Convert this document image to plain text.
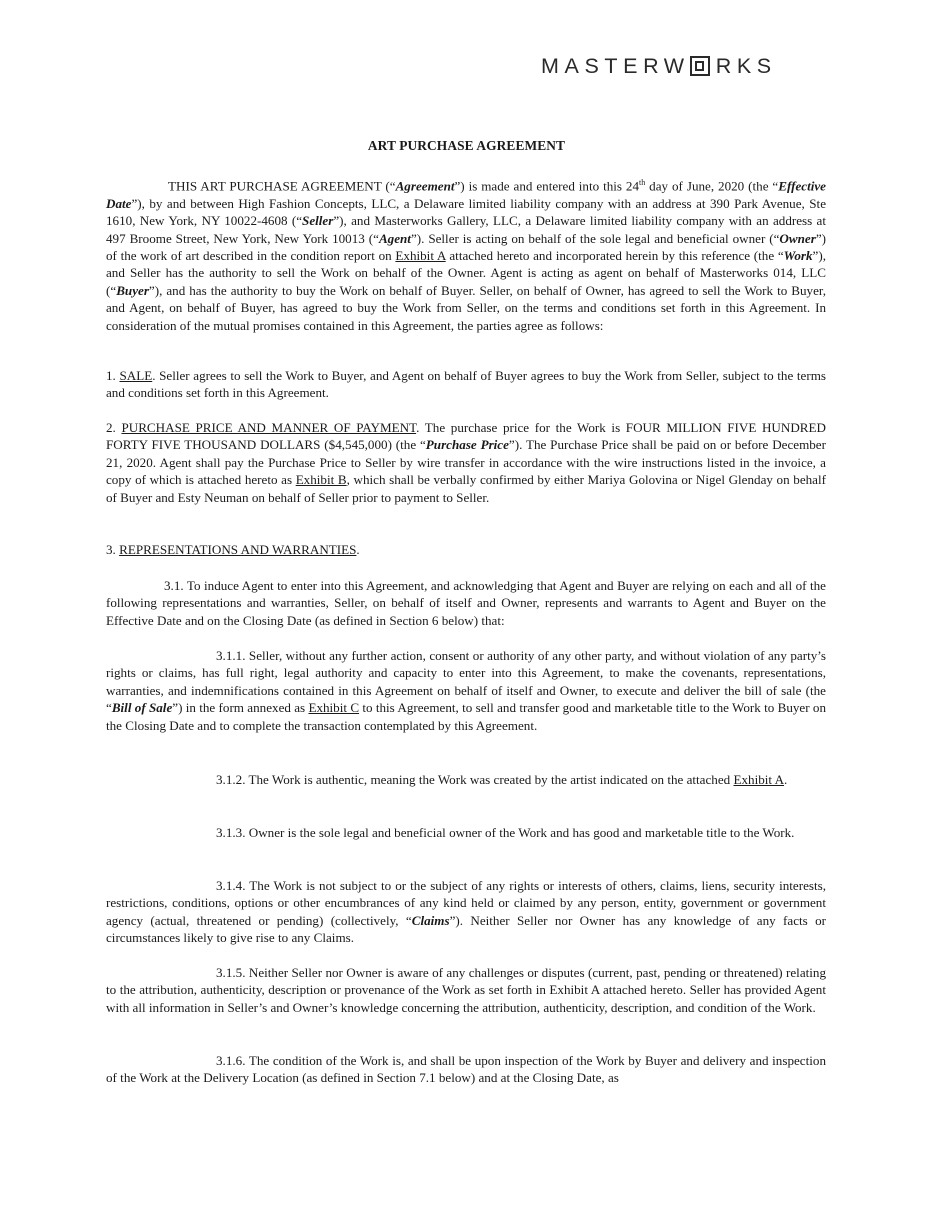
MASTERW RKS
ART PURCHASE AGREEMENT

THIS ART PURCHASE AGREEMENT (“Agreement”) is made and entered into this 24th day of June, 2020 (the “Effective Date”), by and between High Fashion Concepts, LLC, a Delaware limited liability company with an address at 390 Park Avenue, Ste 1610, New York, NY 10022-4608 (“Seller”), and Masterworks Gallery, LLC, a Delaware limited liability company with an address at 497 Broome Street, New York, New York 10013 (“Agent”). Seller is acting on behalf of the sole legal and beneficial owner (“Owner”) of the work of art described in the condition report on Exhibit A attached hereto and incorporated herein by this reference (the “Work”), and Seller has the authority to sell the Work on behalf of the Owner. Agent is acting as agent on behalf of Masterworks 014, LLC (“Buyer”), and has the authority to buy the Work on behalf of Buyer. Seller, on behalf of Owner, has agreed to sell the Work to Buyer, and Agent, on behalf of Buyer, has agreed to buy the Work from Seller, on the terms and conditions set forth in this Agreement. In consideration of the mutual promises contained in this Agreement, the parties agree as follows:

1. SALE. Seller agrees to sell the Work to Buyer, and Agent on behalf of Buyer agrees to buy the Work from Seller, subject to the terms and conditions set forth in this Agreement.

2. PURCHASE PRICE AND MANNER OF PAYMENT. The purchase price for the Work is FOUR MILLION FIVE HUNDRED FORTY FIVE THOUSAND DOLLARS ($4,545,000) (the “Purchase Price”). The Purchase Price shall be paid on or before December 21, 2020. Agent shall pay the Purchase Price to Seller by wire transfer in accordance with the wire instructions listed in the invoice, a copy of which is attached hereto as Exhibit B, which shall be verbally confirmed by either Mariya Golovina or Nigel Glenday on behalf of Buyer and Esty Neuman on behalf of Seller prior to payment to Seller.

3. REPRESENTATIONS AND WARRANTIES.

3.1. To induce Agent to enter into this Agreement, and acknowledging that Agent and Buyer are relying on each and all of the following representations and warranties, Seller, on behalf of itself and Owner, represents and warrants to Agent and Buyer on the Effective Date and on the Closing Date (as defined in Section 6 below) that:

3.1.1. Seller, without any further action, consent or authority of any other party, and without violation of any party’s rights or claims, has full right, legal authority and capacity to enter into this Agreement, to make the covenants, representations, warranties, and indemnifications contained in this Agreement on behalf of itself and Owner, to execute and deliver the bill of sale (the “Bill of Sale”) in the form annexed as Exhibit C to this Agreement, to sell and transfer good and marketable title to the Work to Buyer on the Closing Date and to complete the transaction contemplated by this Agreement.

3.1.2. The Work is authentic, meaning the Work was created by the artist indicated on the attached Exhibit A.

3.1.3. Owner is the sole legal and beneficial owner of the Work and has good and marketable title to the Work.

3.1.4. The Work is not subject to or the subject of any rights or interests of others, claims, liens, security interests, restrictions, conditions, options or other encumbrances of any kind held or claimed by any person, entity, government or government agency (actual, threatened or pending) (collectively, “Claims”). Neither Seller nor Owner has any knowledge of any facts or circumstances likely to give rise to any Claims.

3.1.5. Neither Seller nor Owner is aware of any challenges or disputes (current, past, pending or threatened) relating to the attribution, authenticity, description or provenance of the Work as set forth in Exhibit A attached hereto. Seller has provided Agent with all information in Seller’s and Owner’s knowledge concerning the attribution, authenticity, description, and condition of the Work.

3.1.6. The condition of the Work is, and shall be upon inspection of the Work by Buyer and delivery and inspection of the Work at the Delivery Location (as defined in Section 7.1 below) and at the Closing Date, as
